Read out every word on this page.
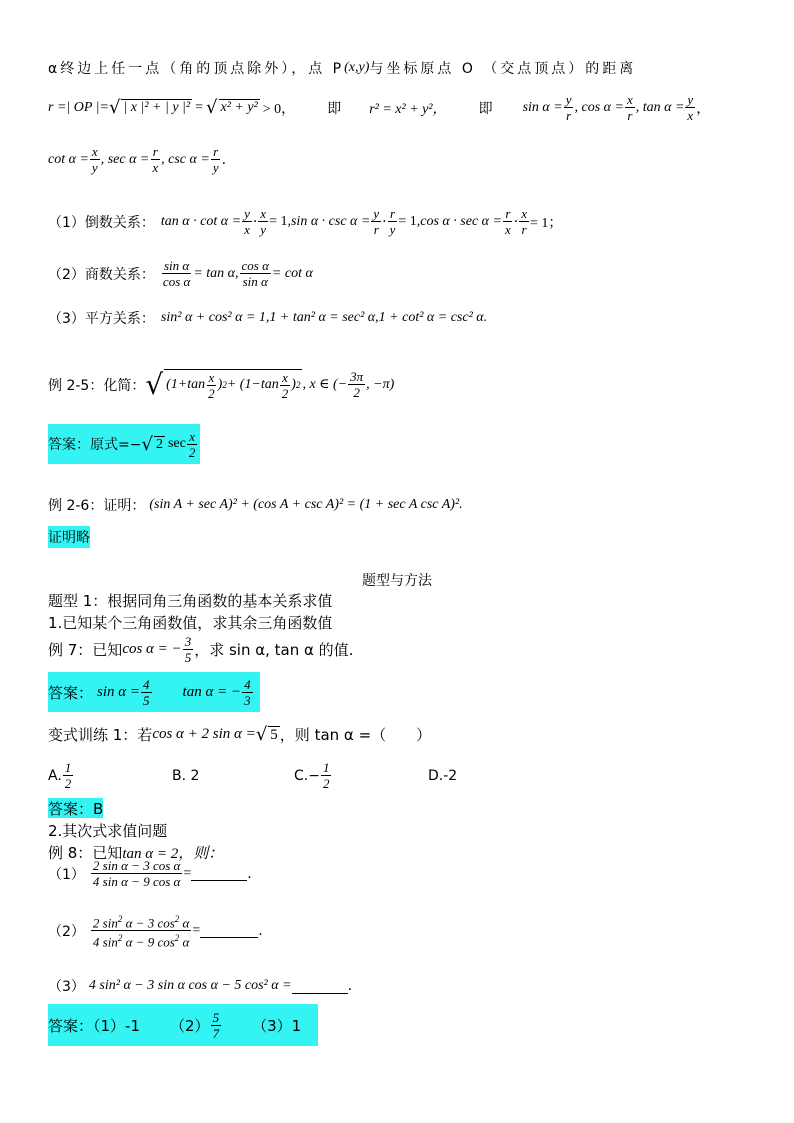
α终边上任一点（角的顶点除外），点 P (x,y) 与坐标原点 O （交点顶点）的距离
r =| OP |= √ | x |² + | y |² = √ x² + y² > 0， 即 r² = x² + y²， 即 $\sin \alpha = \frac{y}{r}$ , $\cos \alpha = \frac{x}{r}$ , $\tan \alpha = \frac{y}{x}$ ，
$\cot \alpha = \frac{x}{y}$ , $\sec \alpha = \frac{r}{x}$ , $\csc \alpha = \frac{r}{y}$ .
（1）倒数关系： $\tan \alpha \cdot \cot \alpha = \frac{y}{x} \cdot \frac{x}{y} = 1$, $\sin \alpha \cdot \csc \alpha = \frac{y}{r} \cdot \frac{r}{y} = 1$, $\cos \alpha \cdot \sec \alpha = \frac{r}{x} \cdot \frac{x}{r} = 1$；
（2）商数关系： $\frac{\text{sin α}}{\text{cos α}} = \tan \alpha$, $\frac{\text{cos α}}{\text{sin α}} = \cot \alpha$
（3）平方关系： sin² α + cos² α = 1,1 + tan² α = sec² α,1 + cot² α = csc² α.
例 2-5：化简： √ (1+tan x
2
) 2 + (1−tan x
2
) 2 , x ∈ (− $\frac{3\pi}{2}$ , −π)
答案：原式=− √ 2 sec x
2
例 2-6：证明： (sin A + sec A)² + (cos A + csc A)² = (1 + sec A csc A)².
证明略
题型与方法
题型 1：根据同角三角函数的基本关系求值
1.已知某个三角函数值，求其余三角函数值
例 7：已知 cos α = − $\frac{3}{5}$ ，求 sin α, tan α 的值.
答案： $\sin \alpha = \frac{4}{5}$ tan α = − $\frac{4}{3}$
变式训练 1：若 cos α + 2 sin α = √ 5 ，则 tan α =（　　）
A. 1
2	B. 2	$C.- \frac{1}{2}$	D.-2
答案：B
2.其次式求值问题
例 8：已知 tan α = 2，则：
$(1) \frac{\text{2 sin α − 3 cos α}}{\text{4 sin α − 9 cos α}}$ =	.
$(2) \frac{2 \sin^2 \alpha - 3 \cos^2 \alpha}{4 \sin^2 \alpha - 9 \cos^2 \alpha}$ =	.
（3） 4 sin² α − 3 sin α cos α − 5 cos² α =	.
答案：（1）-1 （2） 5
7 （3）1
